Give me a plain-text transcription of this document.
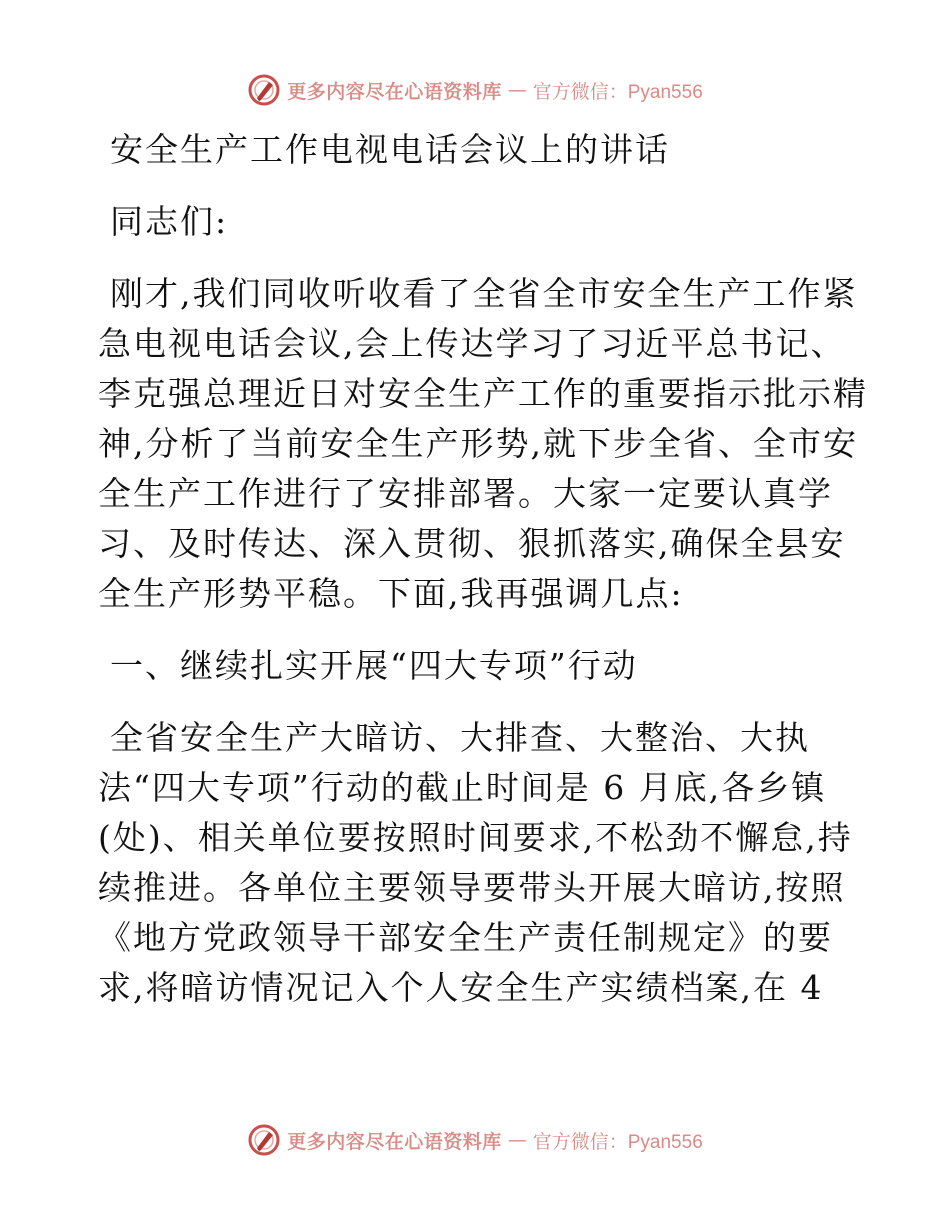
更多内容尽在心语资料库 — 官方微信：Pyan556

安全生产工作电视电话会议上的讲话

同志们:

刚才,我们同收听收看了全省全市安全生产工作紧

急电视电话会议,会上传达学习了习近平总书记、

李克强总理近日对安全生产工作的重要指示批示精

神,分析了当前安全生产形势,就下步全省、全市安

全生产工作进行了安排部署。大家一定要认真学

习、及时传达、深入贯彻、狠抓落实,确保全县安

全生产形势平稳。下面,我再强调几点:

一、继续扎实开展“四大专项”行动

全省安全生产大暗访、大排查、大整治、大执

法“四大专项”行动的截止时间是 6 月底,各乡镇

(处)、相关单位要按照时间要求,不松劲不懈怠,持

续推进。各单位主要领导要带头开展大暗访,按照

《地方党政领导干部安全生产责任制规定》的要

求,将暗访情况记入个人安全生产实绩档案,在 4

更多内容尽在心语资料库 — 官方微信：Pyan556
